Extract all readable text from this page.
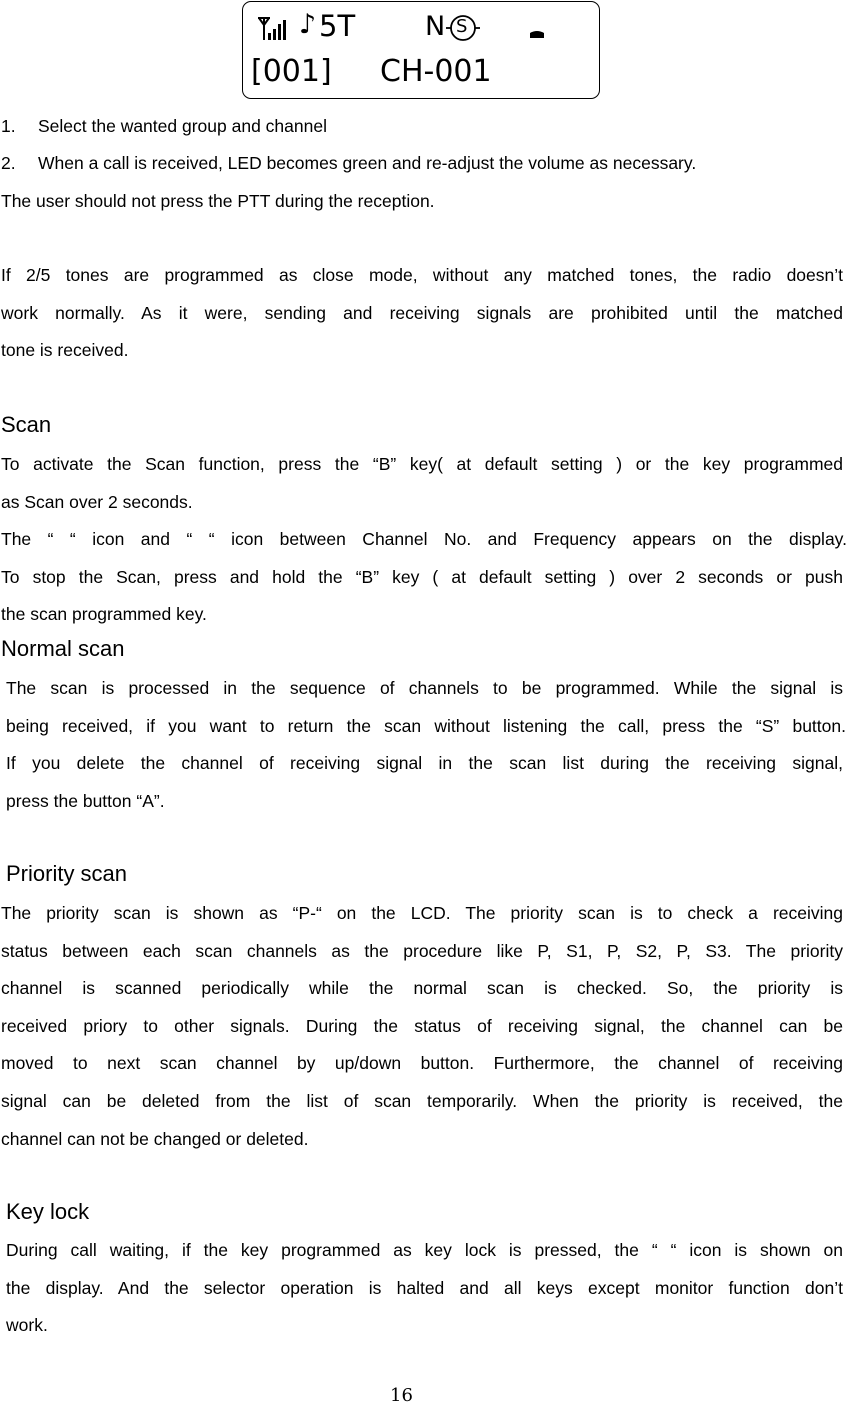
♪ 5T	N S
[001] CH-001
1. Select the wanted group and channel
2. When a call is received, LED becomes green and re-adjust the volume as necessary.
The user should not press the PTT during the reception.
If 2/5 tones are programmed as close mode, without any matched tones, the radio doesn’t
work normally. As it were, sending and receiving signals are prohibited until the matched
tone is received.
Scan
To activate the Scan function, press the “B” key( at default setting ) or the key programmed
as Scan over 2 seconds.
The “ “ icon and “ “ icon between Channel No. and Frequency appears on the display.
To stop the Scan, press and hold the “B” key ( at default setting ) over 2 seconds or push
the scan programmed key.
Normal scan
The scan is processed in the sequence of channels to be programmed. While the signal is
being received, if you want to return the scan without listening the call, press the “S” button.
If you delete the channel of receiving signal in the scan list during the receiving signal,
press the button “A”.
Priority scan
The priority scan is shown as “P-“ on the LCD. The priority scan is to check a receiving
status between each scan channels as the procedure like P, S1, P, S2, P, S3. The priority
channel is scanned periodically while the normal scan is checked. So, the priority is
received priory to other signals. During the status of receiving signal, the channel can be
moved to next scan channel by up/down button. Furthermore, the channel of receiving
signal can be deleted from the list of scan temporarily. When the priority is received, the
channel can not be changed or deleted.
Key lock
During call waiting, if the key programmed as key lock is pressed, the “ “ icon is shown on
the display. And the selector operation is halted and all keys except monitor function don’t
work.
16
